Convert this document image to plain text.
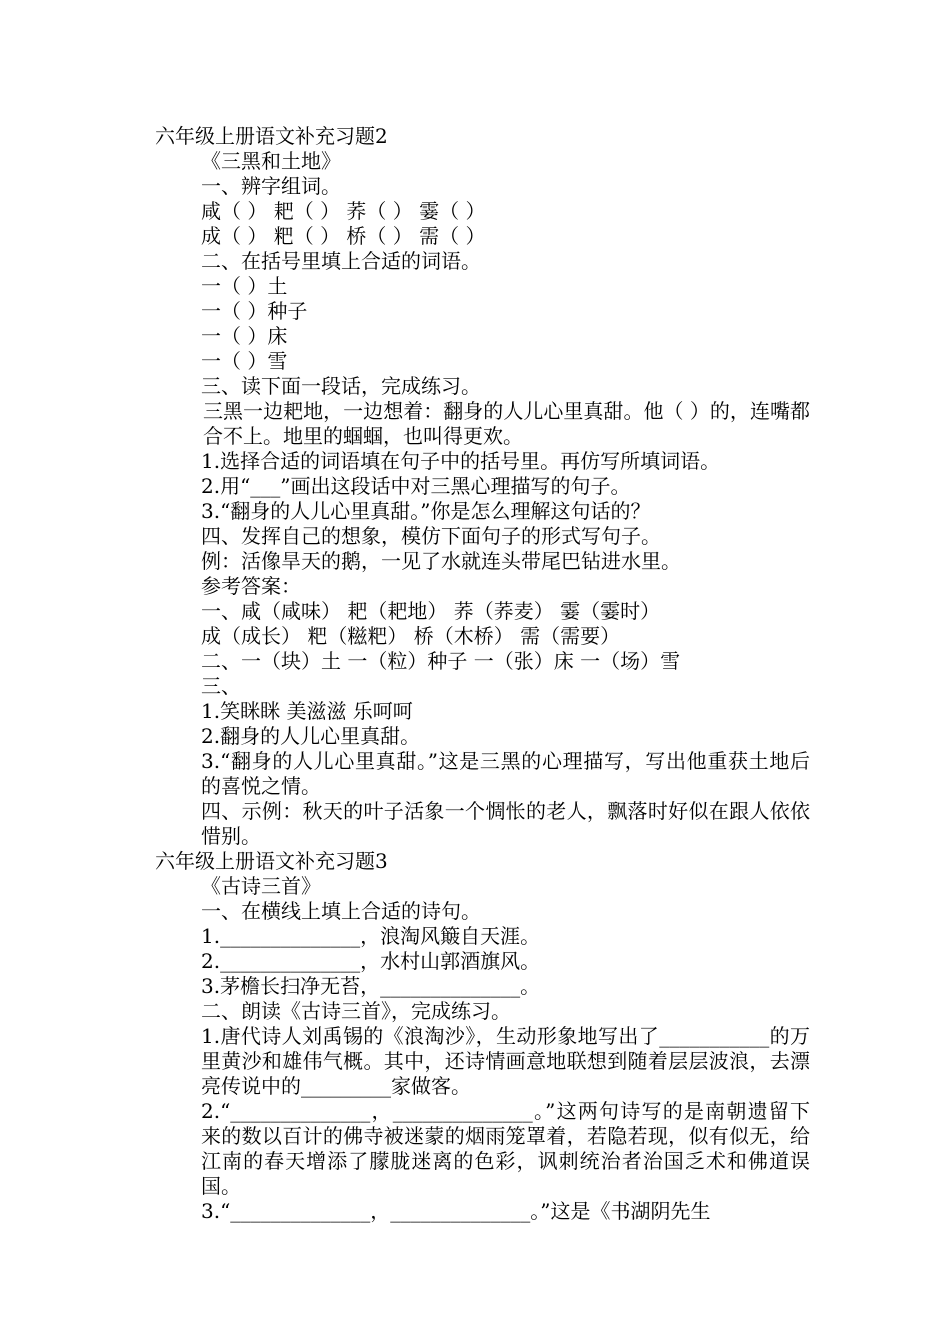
六年级上册语文补充习题2
《三黑和土地》
一、辨字组词。
咸（ ） 耙（ ） 荞（ ） 霎（ ）
成（ ） 粑（ ） 桥（ ） 需（ ）
二、在括号里填上合适的词语。
一（ ）土
一（ ）种子
一（ ）床
一（ ）雪
三、读下面一段话，完成练习。
三黑一边耙地，一边想着：翻身的人儿心里真甜。他（ ）的，连嘴都合不上。地里的蝈蝈，也叫得更欢。
1.选择合适的词语填在句子中的括号里。再仿写所填词语。
2.用“___”画出这段话中对三黑心理描写的句子。
3.“翻身的人儿心里真甜。”你是怎么理解这句话的？
四、发挥自己的想象，模仿下面句子的形式写句子。
例：活像旱天的鹅，一见了水就连头带尾巴钻进水里。
参考答案：
一、咸（咸味） 耙（耙地） 荞（荞麦） 霎（霎时）
成（成长） 粑（糍粑） 桥（木桥） 需（需要）
二、一（块）土 一（粒）种子 一（张）床 一（场）雪
三、
1.笑眯眯 美滋滋 乐呵呵
2.翻身的人儿心里真甜。
3.“翻身的人儿心里真甜。”这是三黑的心理描写，写出他重获土地后的喜悦之情。
四、示例：秋天的叶子活象一个惆怅的老人，飘落时好似在跟人依依惜别。
六年级上册语文补充习题3
《古诗三首》
一、在横线上填上合适的诗句。
1.______________，浪淘风簸自天涯。
2.______________，水村山郭酒旗风。
3.茅檐长扫净无苔，______________。
二、朗读《古诗三首》，完成练习。
1.唐代诗人刘禹锡的《浪淘沙》，生动形象地写出了___________的万里黄沙和雄伟气概。其中，还诗情画意地联想到随着层层波浪，去漂亮传说中的_________家做客。
2.“______________，______________。”这两句诗写的是南朝遗留下来的数以百计的佛寺被迷蒙的烟雨笼罩着，若隐若现，似有似无，给江南的春天增添了朦胧迷离的色彩，讽刺统治者治国乏术和佛道误国。
3.“______________，______________。”这是《书湖阴先生
